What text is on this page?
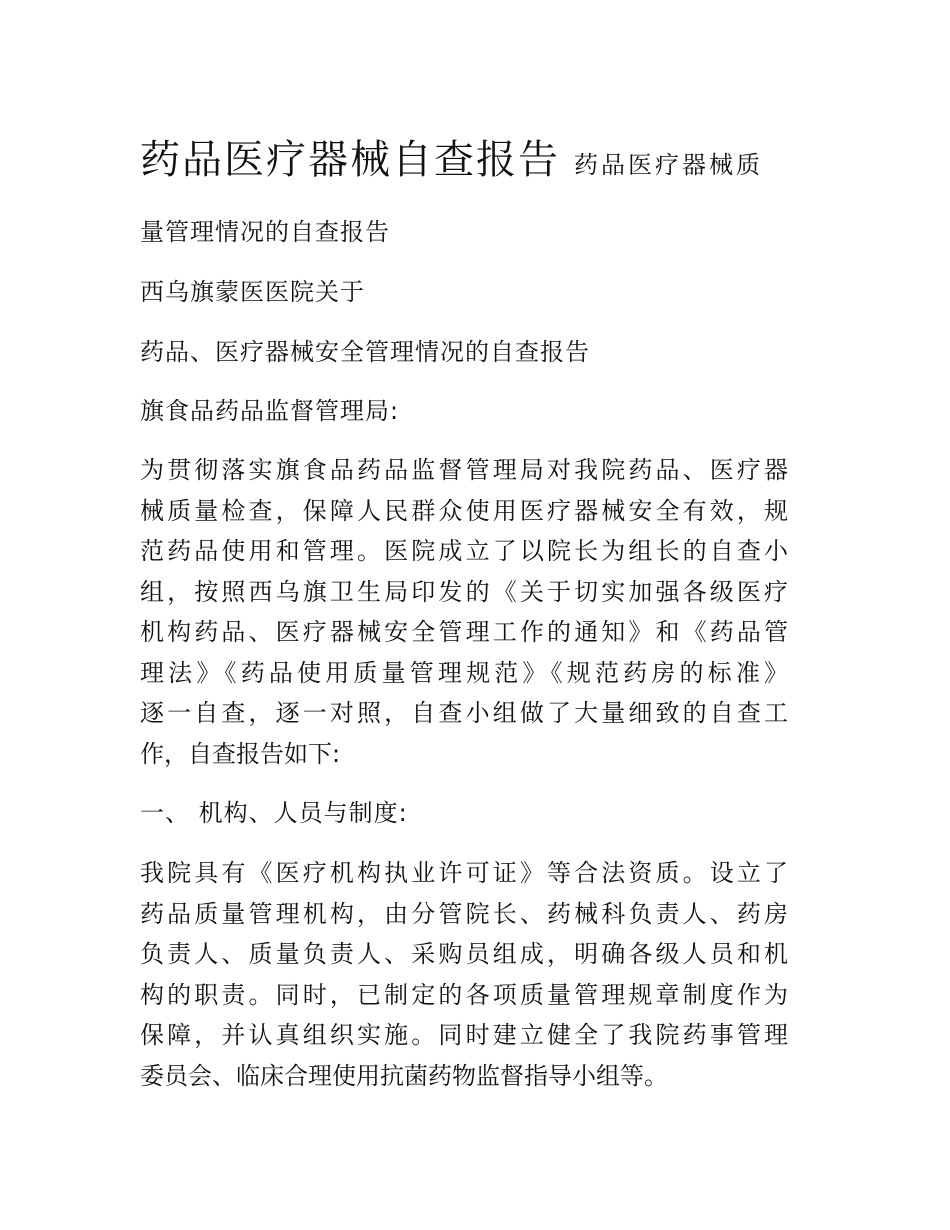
药品医疗器械自查报告 药品医疗器械质
量管理情况的自查报告
西乌旗蒙医医院关于
药品、医疗器械安全管理情况的自查报告
旗食品药品监督管理局:
为贯彻落实旗食品药品监督管理局对我院药品、医疗器
械质量检查，保障人民群众使用医疗器械安全有效，规
范药品使用和管理。医院成立了以院长为组长的自查小
组，按照西乌旗卫生局印发的《关于切实加强各级医疗
机构药品、医疗器械安全管理工作的通知》和《药品管
理法》《药品使用质量管理规范》《规范药房的标准》
逐一自查，逐一对照，自查小组做了大量细致的自查工
作，自查报告如下:
一、 机构、人员与制度:
我院具有《医疗机构执业许可证》等合法资质。设立了
药品质量管理机构，由分管院长、药械科负责人、药房
负责人、质量负责人、采购员组成，明确各级人员和机
构的职责。同时，已制定的各项质量管理规章制度作为
保障，并认真组织实施。同时建立健全了我院药事管理
委员会、临床合理使用抗菌药物监督指导小组等。
